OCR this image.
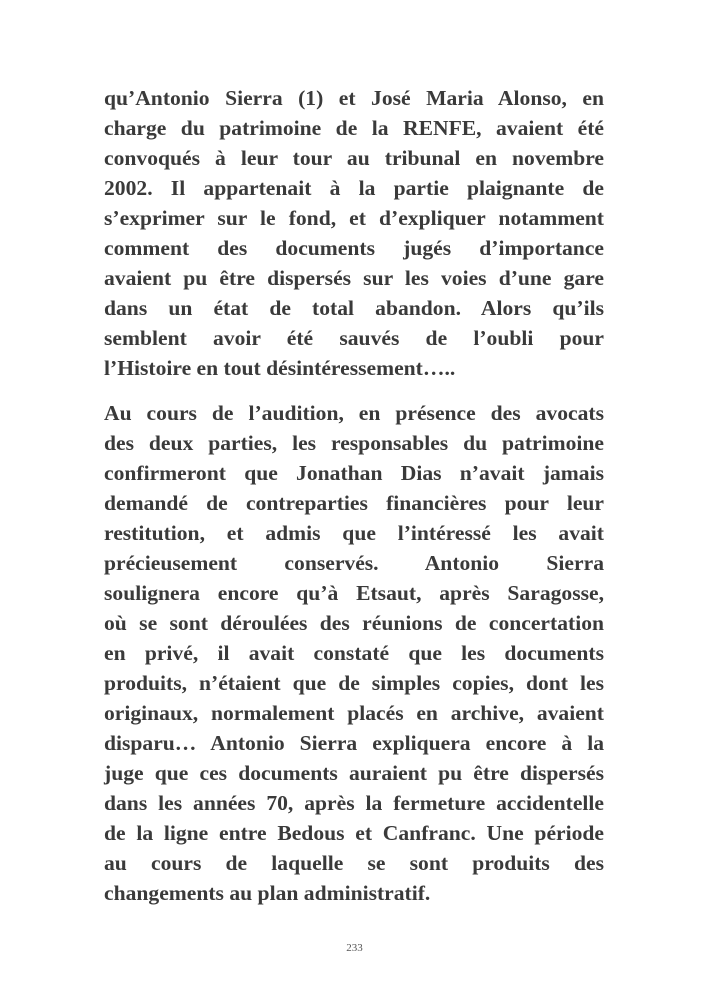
qu’Antonio Sierra (1) et José Maria Alonso, en
charge du patrimoine de la RENFE, avaient été
convoqués à leur tour au tribunal en novembre
2002. Il appartenait à la partie plaignante de
s’exprimer sur le fond, et d’expliquer notamment
comment des documents jugés d’importance
avaient pu être dispersés sur les voies d’une gare
dans un état de total abandon. Alors qu’ils
semblent avoir été sauvés de l’oubli pour
l’Histoire en tout désintéressement…..
Au cours de l’audition, en présence des avocats
des deux parties, les responsables du patrimoine
confirmeront que Jonathan Dias n’avait jamais
demandé de contreparties financières pour leur
restitution, et admis que l’intéressé les avait
précieusement conservés. Antonio Sierra
soulignera encore qu’à Etsaut, après Saragosse,
où se sont déroulées des réunions de concertation
en privé, il avait constaté que les documents
produits, n’étaient que de simples copies, dont les
originaux, normalement placés en archive, avaient
disparu… Antonio Sierra expliquera encore à la
juge que ces documents auraient pu être dispersés
dans les années 70, après la fermeture accidentelle
de la ligne entre Bedous et Canfranc. Une période
au cours de laquelle se sont produits des
changements au plan administratif.
233
